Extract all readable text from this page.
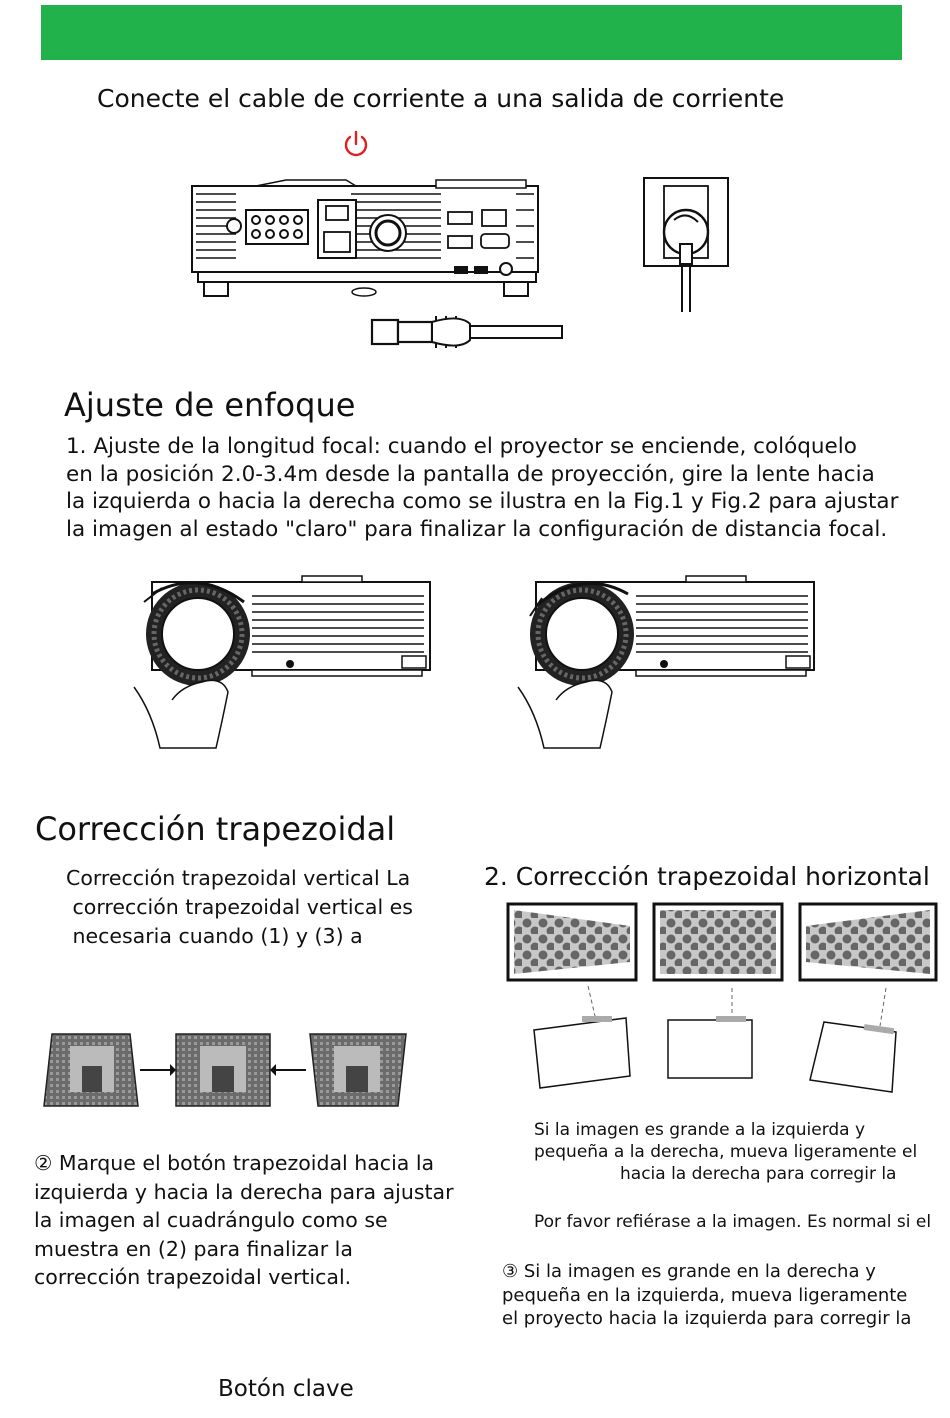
Conecte el cable de corriente a una salida de corriente
Ajuste de enfoque
1. Ajuste de la longitud focal: cuando el proyector se enciende, colóquelo
en la posición 2.0-3.4m desde la pantalla de proyección, gire la lente hacia
la izquierda o hacia la derecha como se ilustra en la Fig.1 y Fig.2 para ajustar
la imagen al estado "claro" para finalizar la configuración de distancia focal.
Corrección trapezoidal
Corrección trapezoidal vertical La
corrección trapezoidal vertical es
necesaria cuando (1) y (3) a
2. Corrección trapezoidal horizontal
Si la imagen es grande a la izquierda y
pequeña a la derecha, mueva ligeramente el
hacia la derecha para corregir la
Por favor refiérase a la imagen. Es normal si el
② Marque el botón trapezoidal hacia la
izquierda y hacia la derecha para ajustar
la imagen al cuadrángulo como se
muestra en (2) para finalizar la
corrección trapezoidal vertical.	③ Si la imagen es grande en la derecha y
pequeña en la izquierda, mueva ligeramente
el proyecto hacia la izquierda para corregir la
Botón clave
